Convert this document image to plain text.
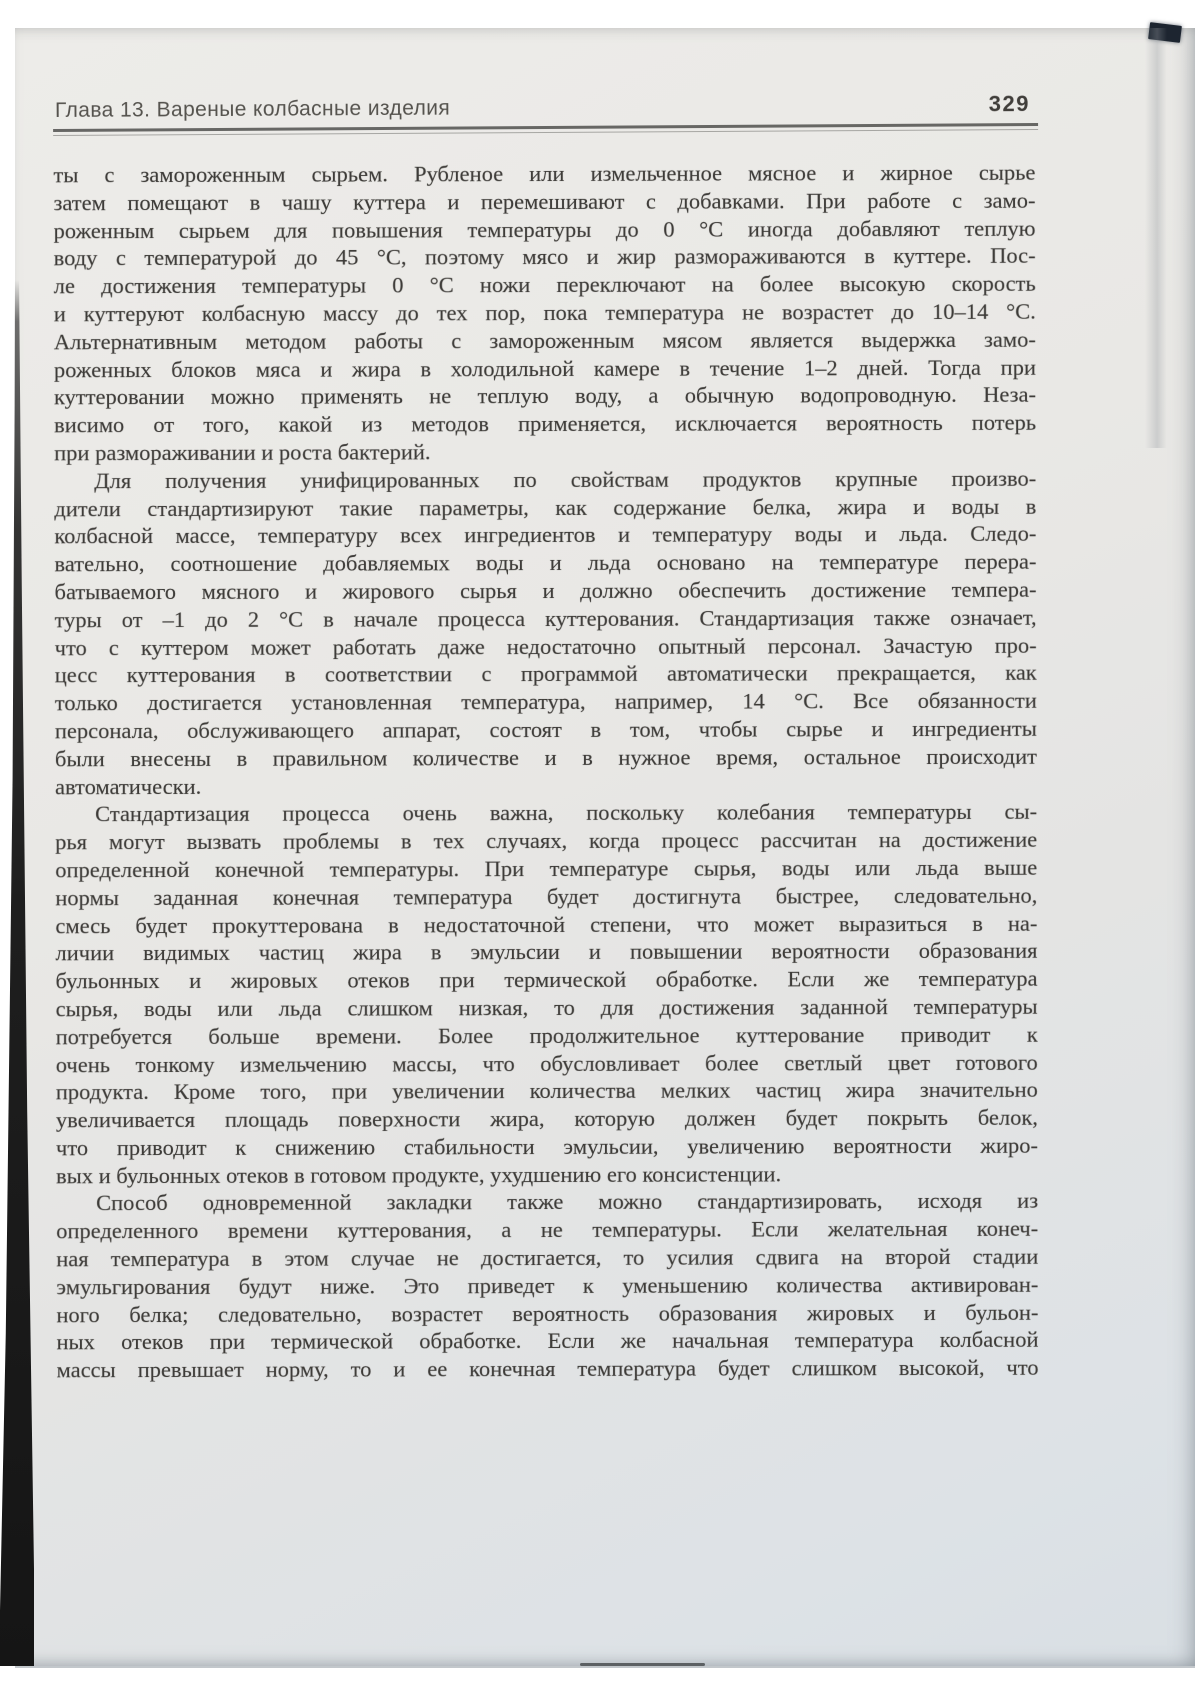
Глава 13. Вареные колбасные изделия	329
ты с замороженным сырьем. Рубленое или измельченное мясное и жирное сырье
затем помещают в чашу куттера и перемешивают с добавками. При работе с замо-
роженным сырьем для повышения температуры до 0 °С иногда добавляют теплую
воду с температурой до 45 °С, поэтому мясо и жир размораживаются в куттере. Пос-
ле достижения температуры 0 °С ножи переключают на более высокую скорость
и куттеруют колбасную массу до тех пор, пока температура не возрастет до 10–14 °С.
Альтернативным методом работы с замороженным мясом является выдержка замо-
роженных блоков мяса и жира в холодильной камере в течение 1–2 дней. Тогда при
куттеровании можно применять не теплую воду, а обычную водопроводную. Неза-
висимо от того, какой из методов применяется, исключается вероятность потерь
при размораживании и роста бактерий.
Для получения унифицированных по свойствам продуктов крупные произво-
дители стандартизируют такие параметры, как содержание белка, жира и воды в
колбасной массе, температуру всех ингредиентов и температуру воды и льда. Следо-
вательно, соотношение добавляемых воды и льда основано на температуре перера-
батываемого мясного и жирового сырья и должно обеспечить достижение темпера-
туры от –1 до 2 °С в начале процесса куттерования. Стандартизация также означает,
что с куттером может работать даже недостаточно опытный персонал. Зачастую про-
цесс куттерования в соответствии с программой автоматически прекращается, как
только достигается установленная температура, например, 14 °С. Все обязанности
персонала, обслуживающего аппарат, состоят в том, чтобы сырье и ингредиенты
были внесены в правильном количестве и в нужное время, остальное происходит
автоматически.
Стандартизация процесса очень важна, поскольку колебания температуры сы-
рья могут вызвать проблемы в тех случаях, когда процесс рассчитан на достижение
определенной конечной температуры. При температуре сырья, воды или льда выше
нормы заданная конечная температура будет достигнута быстрее, следовательно,
смесь будет прокуттерована в недостаточной степени, что может выразиться в на-
личии видимых частиц жира в эмульсии и повышении вероятности образования
бульонных и жировых отеков при термической обработке. Если же температура
сырья, воды или льда слишком низкая, то для достижения заданной температуры
потребуется больше времени. Более продолжительное куттерование приводит к
очень тонкому измельчению массы, что обусловливает более светлый цвет готового
продукта. Кроме того, при увеличении количества мелких частиц жира значительно
увеличивается площадь поверхности жира, которую должен будет покрыть белок,
что приводит к снижению стабильности эмульсии, увеличению вероятности жиро-
вых и бульонных отеков в готовом продукте, ухудшению его консистенции.
Способ одновременной закладки также можно стандартизировать, исходя из
определенного времени куттерования, а не температуры. Если желательная конеч-
ная температура в этом случае не достигается, то усилия сдвига на второй стадии
эмульгирования будут ниже. Это приведет к уменьшению количества активирован-
ного белка; следовательно, возрастет вероятность образования жировых и бульон-
ных отеков при термической обработке. Если же начальная температура колбасной
массы превышает норму, то и ее конечная температура будет слишком высокой, что
